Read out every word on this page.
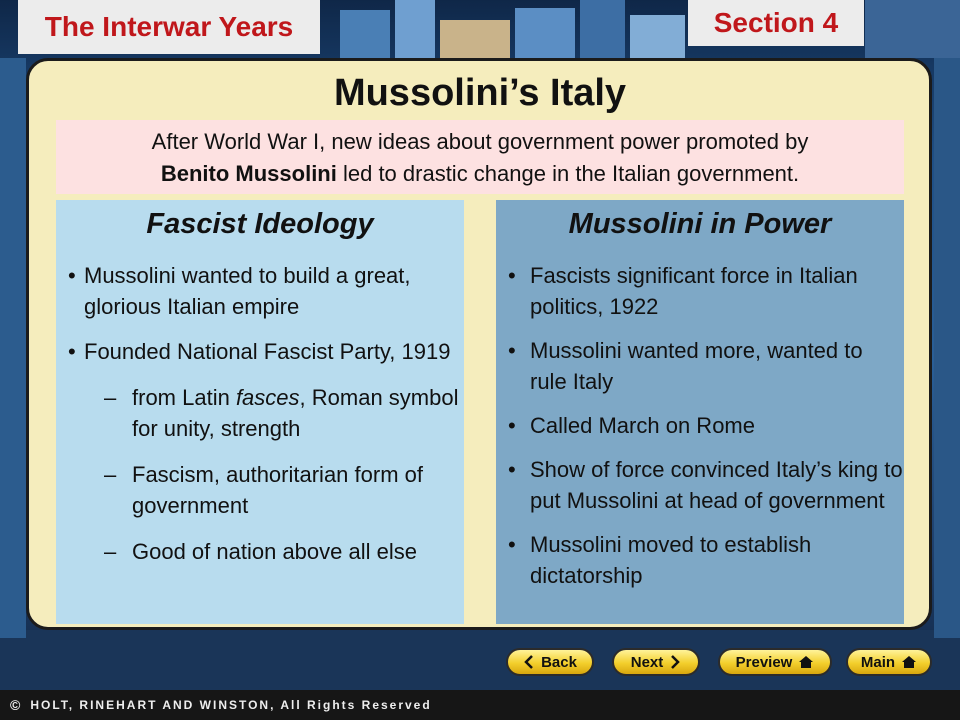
The Interwar Years	Section 4
Mussolini’s Italy
After World War I, new ideas about government power promoted by
Benito Mussolini led to drastic change in the Italian government.
Fascist Ideology
• Mussolini wanted to build a great, glorious Italian empire
• Founded National Fascist Party, 1919
– from Latin fasces, Roman symbol for unity, strength
– Fascism, authoritarian form of government
– Good of nation above all else
Mussolini in Power
• Fascists significant force in Italian politics, 1922
• Mussolini wanted more, wanted to rule Italy
• Called March on Rome
• Show of force convinced Italy’s king to put Mussolini at head of government
• Mussolini moved to establish dictatorship
Back	Next	Preview	Main
© HOLT, RINEHART AND WINSTON, All Rights Reserved
